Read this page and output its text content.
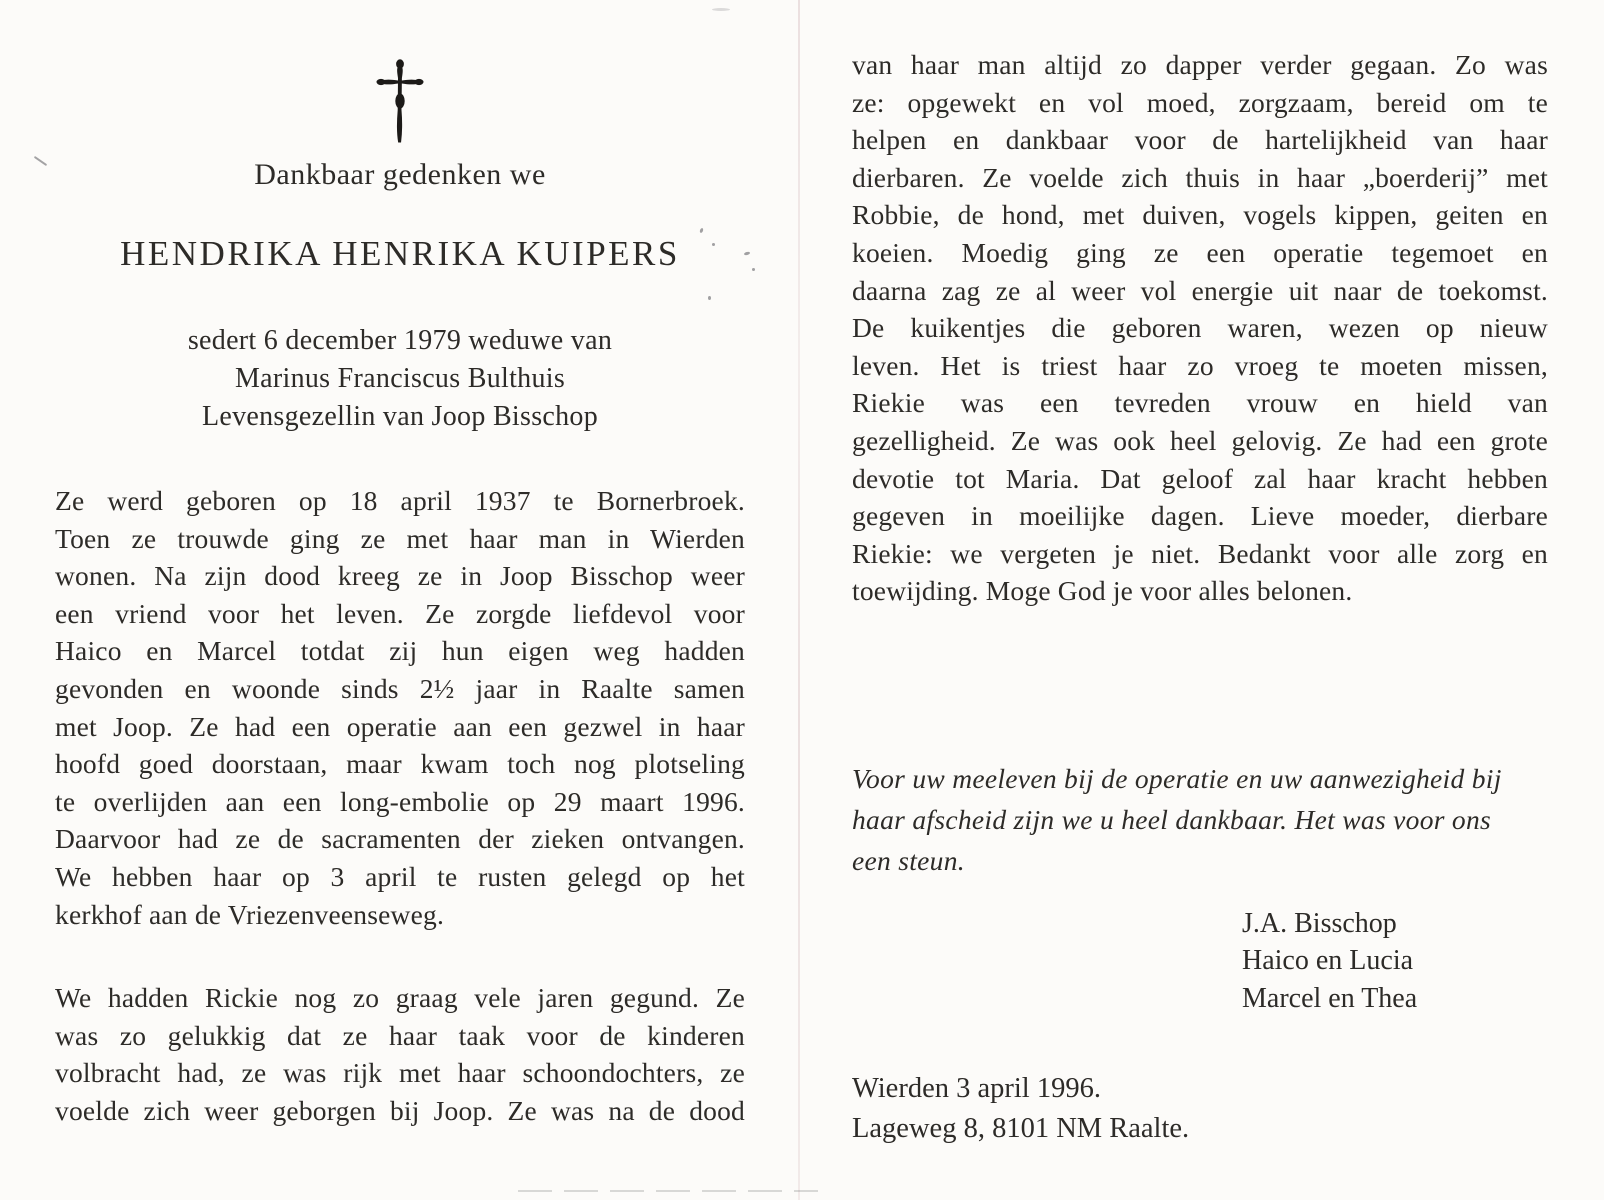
Dankbaar gedenken we
HENDRIKA HENRIKA KUIPERS
sedert 6 december 1979 weduwe van
Marinus Franciscus Bulthuis
Levensgezellin van Joop Bisschop
Ze werd geboren op 18 april 1937 te Bornerbroek.
Toen ze trouwde ging ze met haar man in Wierden
wonen. Na zijn dood kreeg ze in Joop Bisschop weer
een vriend voor het leven. Ze zorgde liefdevol voor
Haico en Marcel totdat zij hun eigen weg hadden
gevonden en woonde sinds 2½ jaar in Raalte samen
met Joop. Ze had een operatie aan een gezwel in haar
hoofd goed doorstaan, maar kwam toch nog plotseling
te overlijden aan een long-embolie op 29 maart 1996.
Daarvoor had ze de sacramenten der zieken ontvangen.
We hebben haar op 3 april te rusten gelegd op het
kerkhof aan de Vriezenveenseweg.
We hadden Rickie nog zo graag vele jaren gegund. Ze
was zo gelukkig dat ze haar taak voor de kinderen
volbracht had, ze was rijk met haar schoondochters, ze
voelde zich weer geborgen bij Joop. Ze was na de dood
van haar man altijd zo dapper verder gegaan. Zo was
ze: opgewekt en vol moed, zorgzaam, bereid om te
helpen en dankbaar voor de hartelijkheid van haar
dierbaren. Ze voelde zich thuis in haar „boerderij” met
Robbie, de hond, met duiven, vogels kippen, geiten en
koeien. Moedig ging ze een operatie tegemoet en
daarna zag ze al weer vol energie uit naar de toekomst.
De kuikentjes die geboren waren, wezen op nieuw
leven. Het is triest haar zo vroeg te moeten missen,
Riekie was een tevreden vrouw en hield van
gezelligheid. Ze was ook heel gelovig. Ze had een grote
devotie tot Maria. Dat geloof zal haar kracht hebben
gegeven in moeilijke dagen. Lieve moeder, dierbare
Riekie: we vergeten je niet. Bedankt voor alle zorg en
toewijding. Moge God je voor alles belonen.
Voor uw meeleven bij de operatie en uw aanwezigheid bij
haar afscheid zijn we u heel dankbaar. Het was voor ons
een steun.
J.A. Bisschop
Haico en Lucia
Marcel en Thea
Wierden 3 april 1996.
Lageweg 8, 8101 NM Raalte.
